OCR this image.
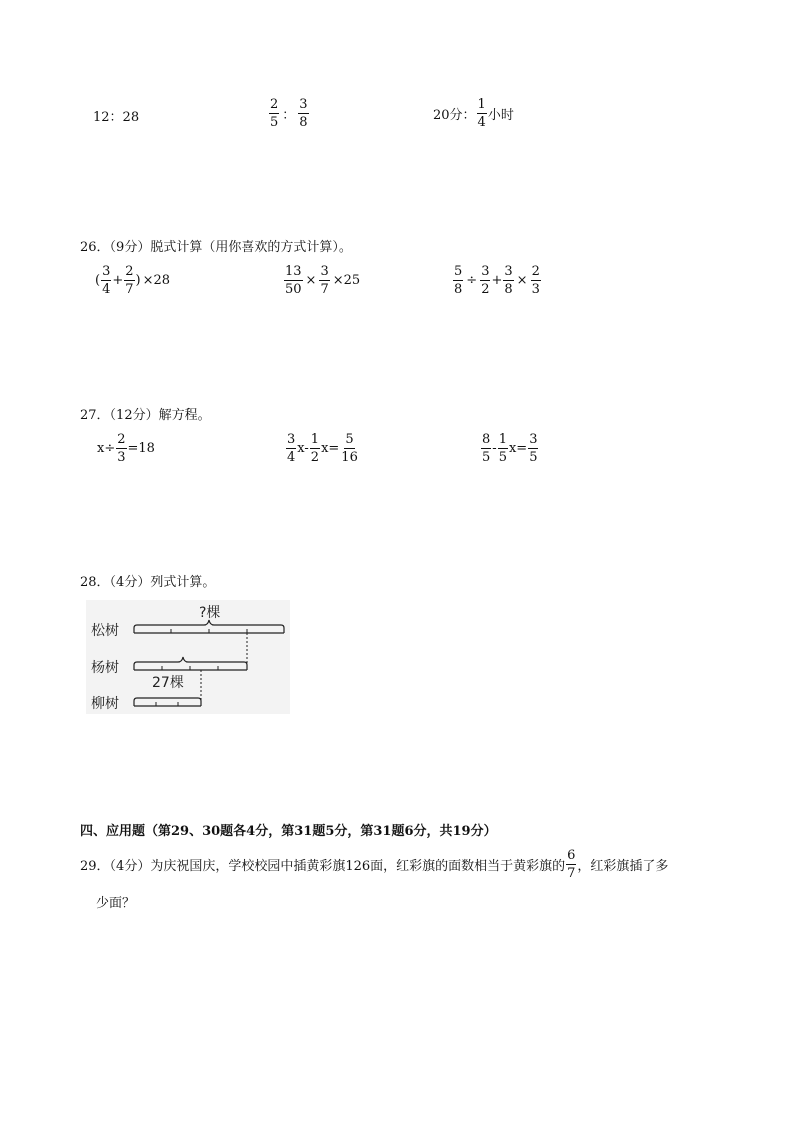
12：28	$\frac{2}{5}$ ： $\frac{3}{8}$	20分： $\frac{1}{4}$ 小时
26．（9分）脱式计算（用你喜欢的方式计算）。
( $\frac{3}{4} + \frac{2}{7}$ ) ×28	$\frac{13}{50} \times \frac{3}{7} \times 25$	$\frac{5}{8} \div \frac{3}{2} + \frac{3}{8} \times \frac{2}{3}$
27．（12分）解方程。
$x\div \frac{2}{3} =18$	$\frac{3}{4} x- \frac{1}{2} x= \frac{5}{16}$	$\frac{8}{5} - \frac{1}{5} x= \frac{3}{5}$
28．（4分）列式计算。
松树
杨树
柳树
?棵
27棵
四、应用题（第29、30题各4分，第31题5分，第31题6分，共19分）
29．（4分）为庆祝国庆，学校校园中插黄彩旗126面，红彩旗的面数相当于黄彩旗的 $\frac{6}{7}$ ，红彩旗插了多
少面？
